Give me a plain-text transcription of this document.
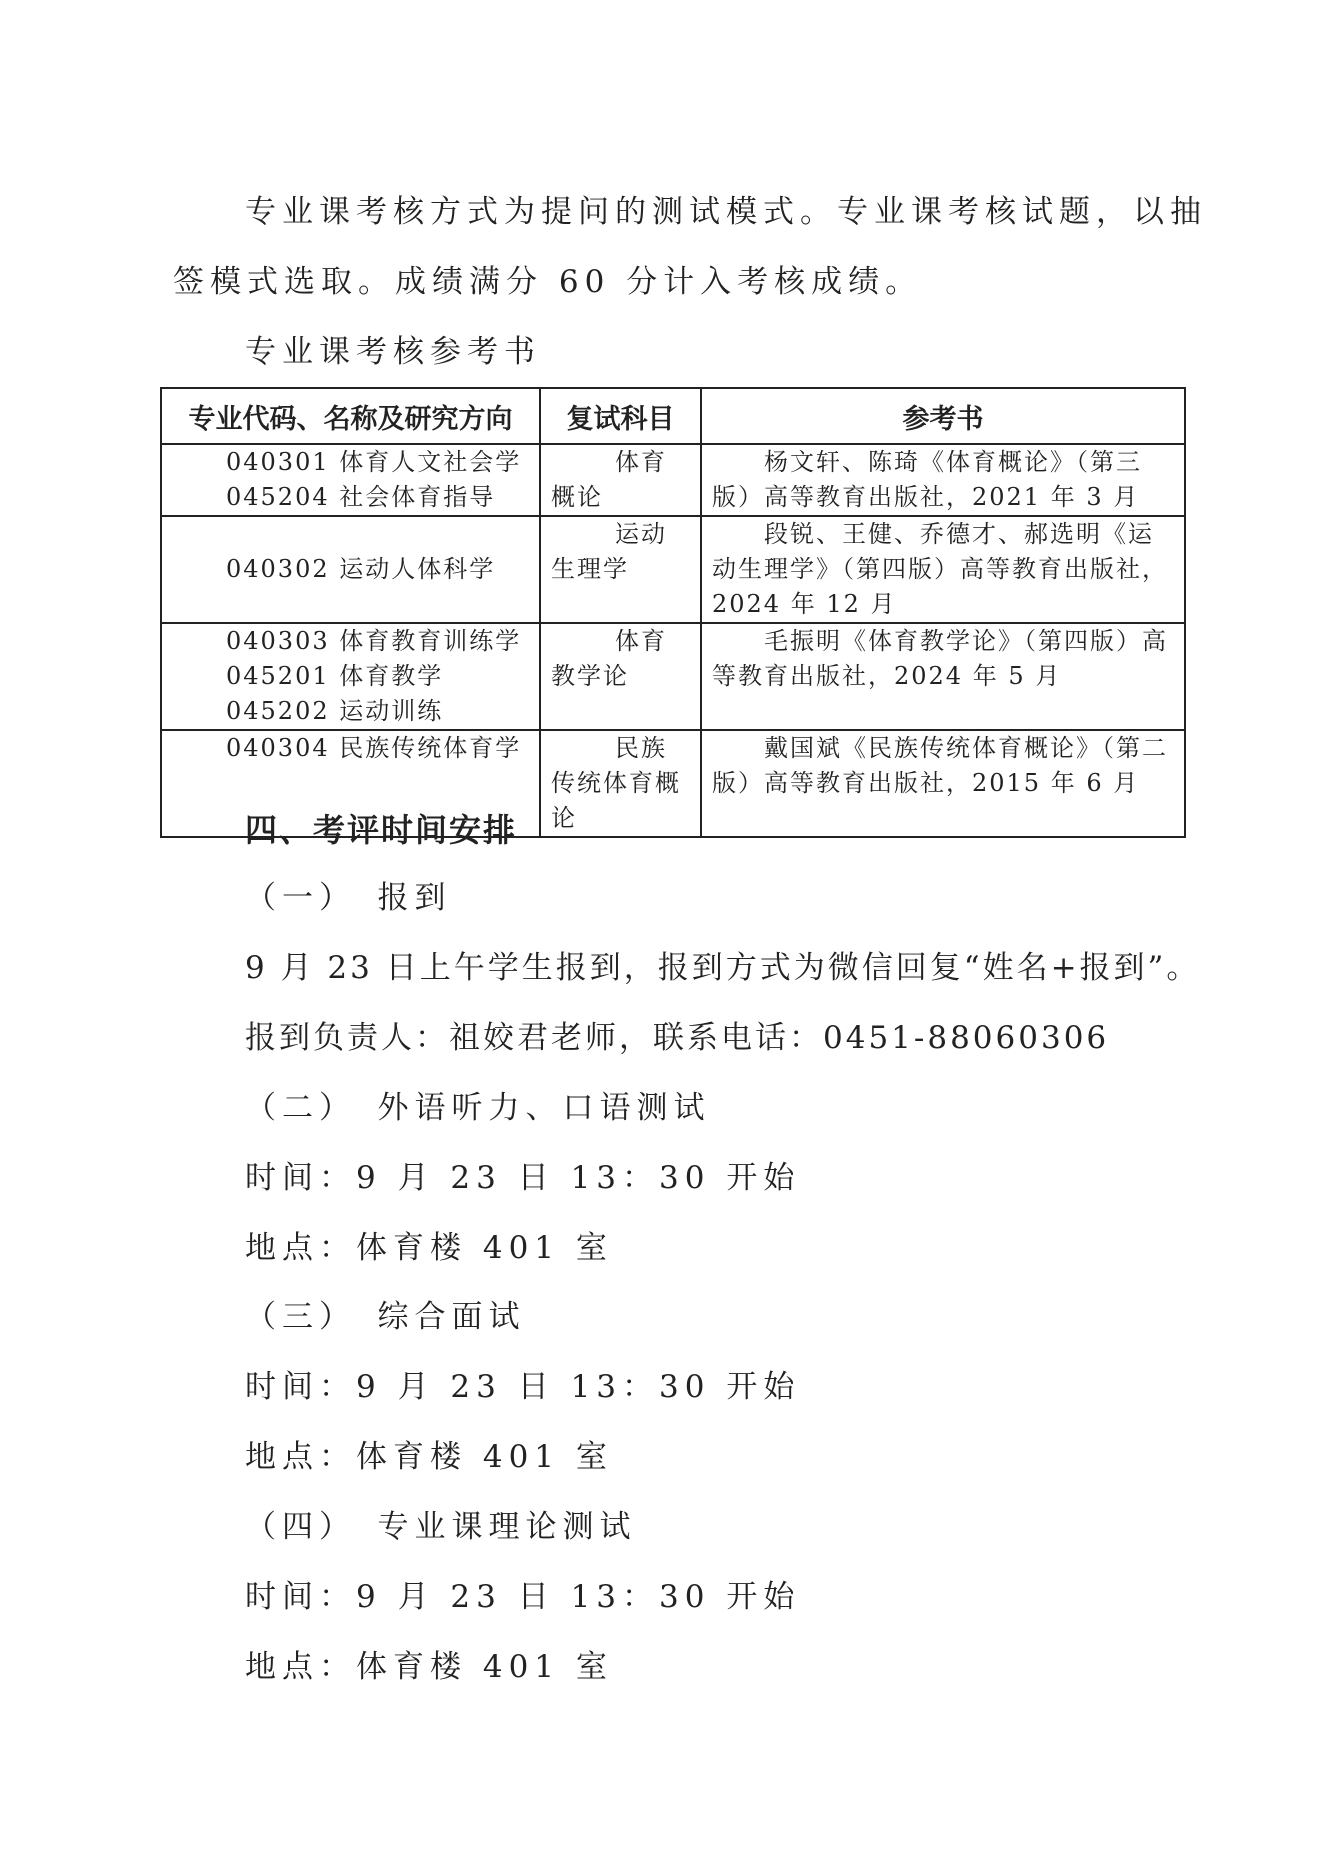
专业课考核方式为提问的测试模式。专业课考核试题，以抽
签模式选取。成绩满分 60 分计入考核成绩。
专业课考核参考书
专业代码、名称及研究方向	复试科目	参考书

040301 体育人文社会学
045204 社会体育指导	体育概论	杨文轩、陈琦《体育概论》（第三版）高等教育出版社，2021 年 3 月

040302 运动人体科学	运动生理学	段锐、王健、乔德才、郝选明《运动生理学》（第四版）高等教育出版社，2024 年 12 月

040303 体育教育训练学
045201 体育教学
045202 运动训练	体育教学论	毛振明《体育教学论》（第四版）高等教育出版社，2024 年 5 月

040304 民族传统体育学	民族传统体育概论	戴国斌《民族传统体育概论》（第二版）高等教育出版社，2015 年 6 月
四、考评时间安排
（一）　报到
9 月 23 日上午学生报到，报到方式为微信回复“姓名+报到”。
报到负责人：祖姣君老师，联系电话：0451-88060306
（二）　外语听力、口语测试
时间：9 月 23 日 13：30 开始
地点：体育楼 401 室
（三）　综合面试
时间：9 月 23 日 13：30 开始
地点：体育楼 401 室
（四）　专业课理论测试
时间：9 月 23 日 13：30 开始
地点：体育楼 401 室
